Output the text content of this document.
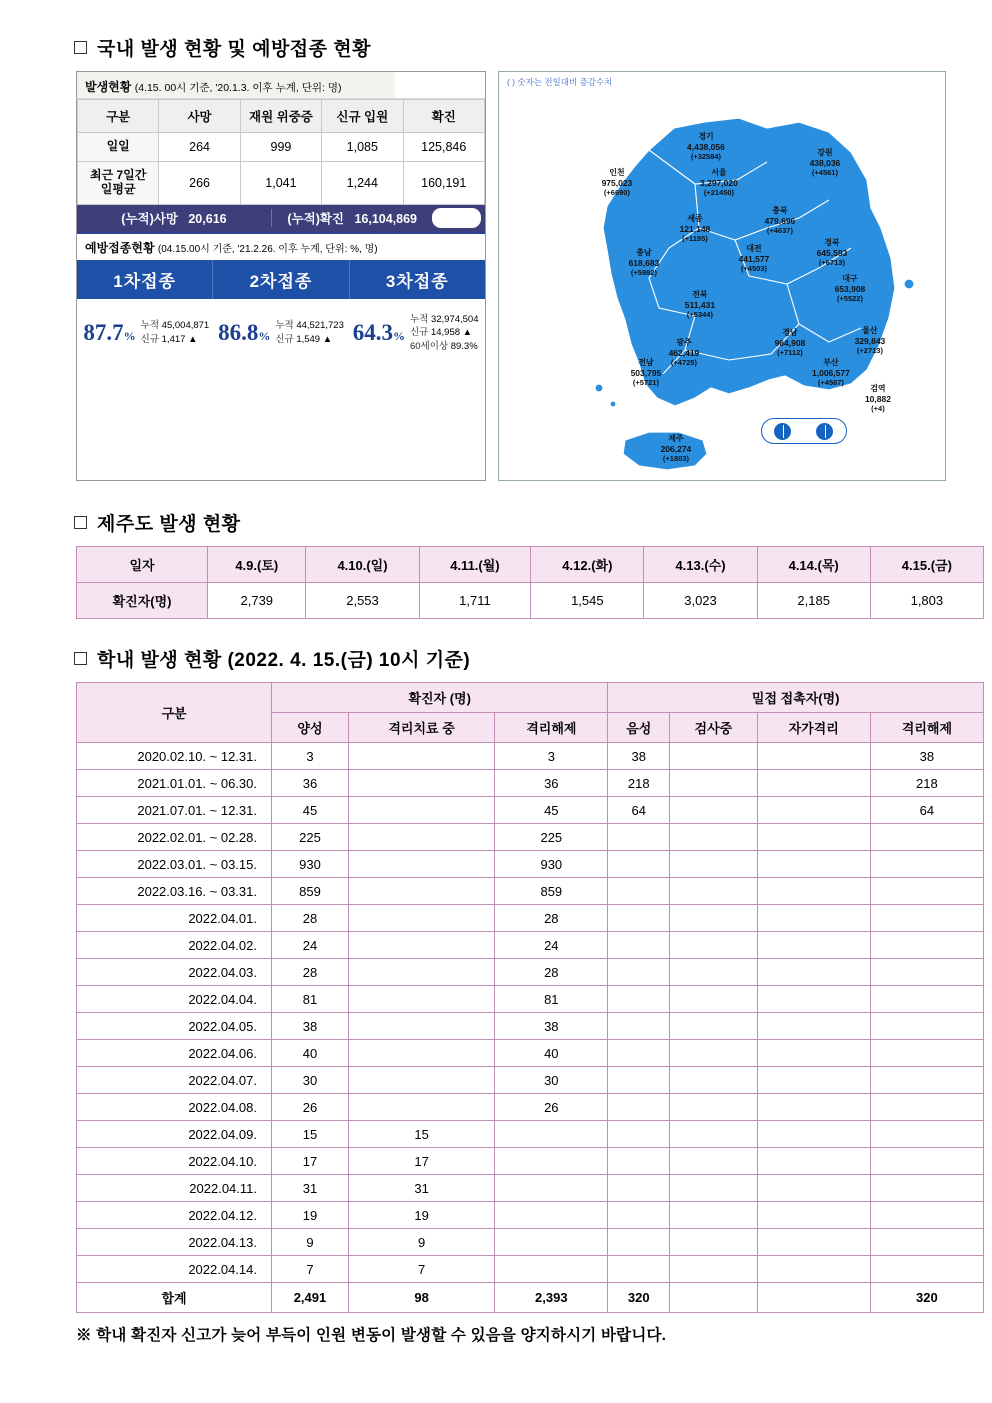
국내 발생 현황 및 예방접종 현황
발생현황 (4.15. 00시 기준, '20.1.3. 이후 누계, 단위: 명)
구분	사망	재원 위중증	신규 입원	확진
일일	264	999	1,085	125,846
최근 7일간
일평균	266	1,041	1,244	160,191
(누적)사망 20,616	(누적)확진 16,104,869
예방접종현황 (04.15.00시 기준, '21.2.26. 이후 누계, 단위: %, 명)
1차접종	2차접종	3차접종
87.7%
누적 45,004,871
신규 1,417 ▲ 86.8%
누적 44,521,723
신규 1,549 ▲ 64.3%
누적 32,974,504
신규 14,958 ▲
60세이상 89.3%
( ) 숫자는 전일대비 증감수치
경기
4,438,056
(+32584)	강원
438,036
(+4561)
인천
975,023
(+6690)
서울
3,297,020
(+21450)
충북
479,696
(+4637)
세종
121,148
(+1195)	경북
645,593
(+6713)
대전
441,577
(+4503)
충남
618,683
(+5982)
대구
653,908
(+5522)
전북
511,431
(+5344)
경남
964,908
(+7112)
울산
329,843
(+2713)
광주
462,419
(+4725)	부산
1,006,577
(+4587)
전남
503,795
(+5721)
검역
10,882
(+4)
제주
206,274
(+1803)
제주도 발생 현황
일자	4.9.(토)	4.10.(일)	4.11.(월)	4.12.(화)	4.13.(수)	4.14.(목)	4.15.(금)
확진자(명)	2,739	2,553	1,711	1,545	3,023	2,185	1,803
학내 발생 현황 (2022. 4. 15.(금) 10시 기준)
구분	확진자 (명)			밀접 접촉자(명)			
	양성	격리치료 중	격리해제	음성	검사중	자가격리	격리해제
2020.02.10. ~ 12.31.	3		3	38			38
2021.01.01. ~ 06.30.	36		36	218			218
2021.07.01. ~ 12.31.	45		45	64			64
2022.02.01. ~ 02.28.	225		225				
2022.03.01. ~ 03.15.	930		930				
2022.03.16. ~ 03.31.	859		859				
2022.04.01.	28		28				
2022.04.02.	24		24				
2022.04.03.	28		28				
2022.04.04.	81		81				
2022.04.05.	38		38				
2022.04.06.	40		40				
2022.04.07.	30		30				
2022.04.08.	26		26				
2022.04.09.	15	15					
2022.04.10.	17	17					
2022.04.11.	31	31					
2022.04.12.	19	19					
2022.04.13.	9	9					
2022.04.14.	7	7					
합계	2,491	98	2,393	320			320
※ 학내 확진자 신고가 늦어 부득이 인원 변동이 발생할 수 있음을 양지하시기 바랍니다.
